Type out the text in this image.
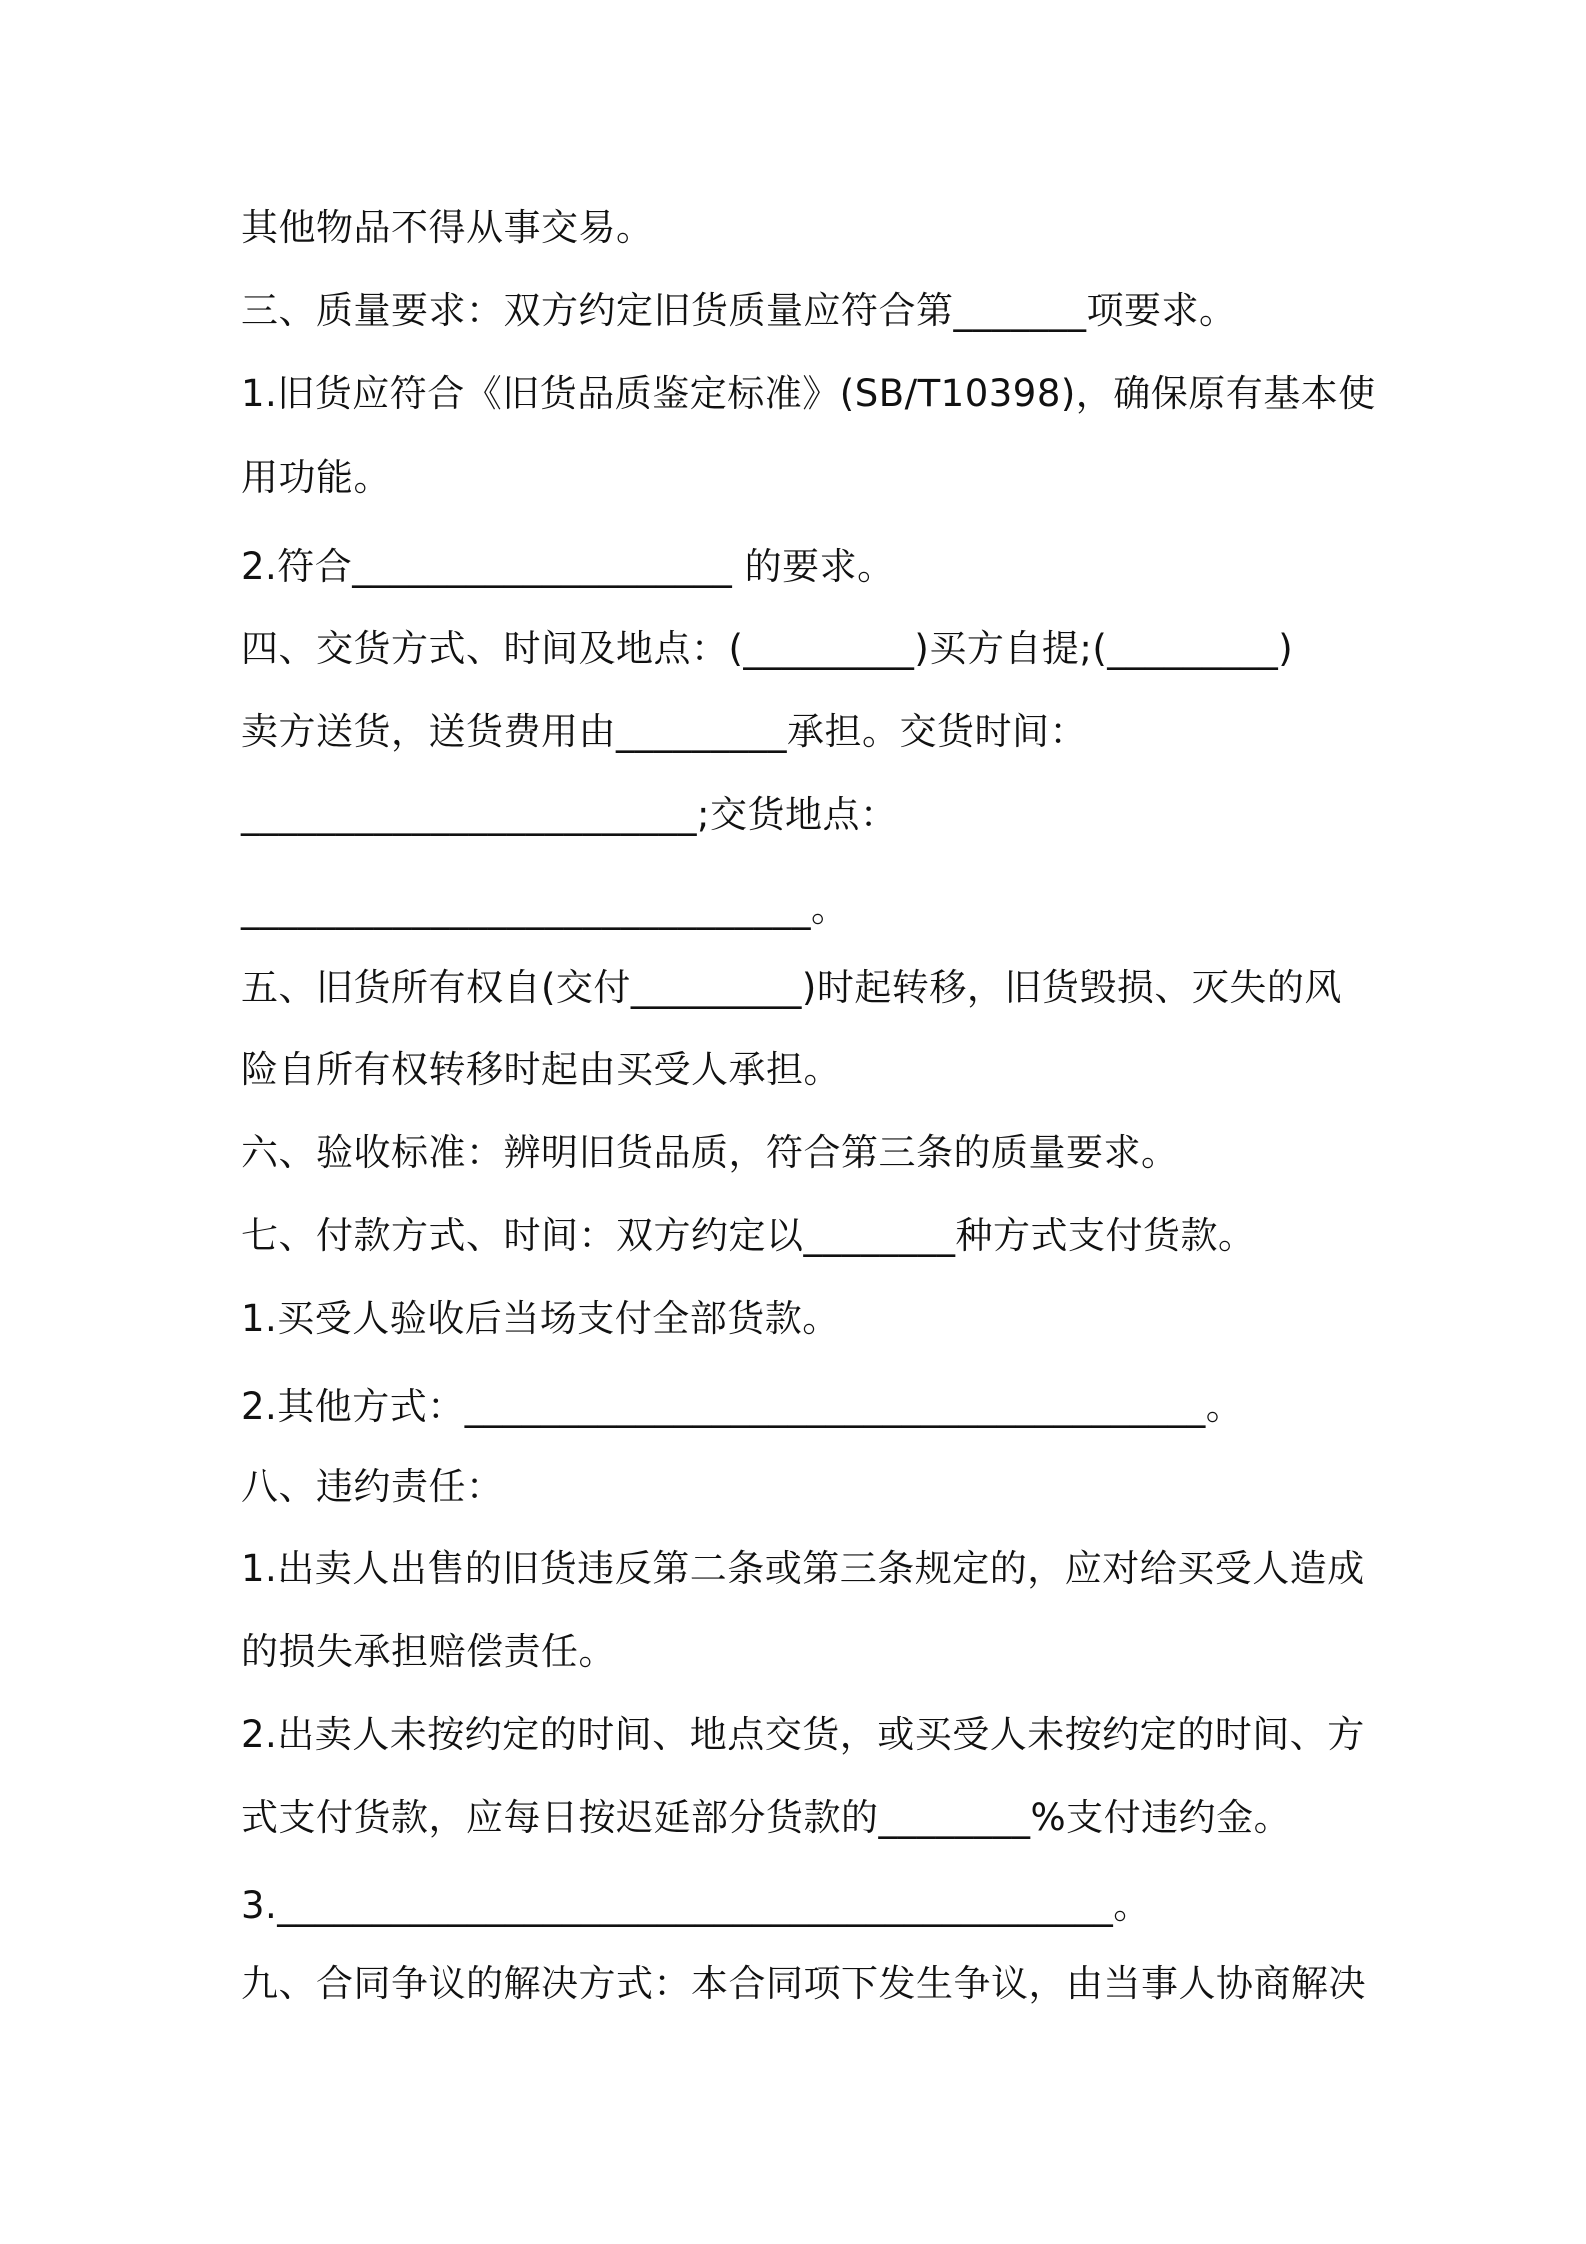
其他物品不得从事交易。
三、质量要求：双方约定旧货质量应符合第_______项要求。
1.旧货应符合《旧货品质鉴定标准》(SB/T10398)，确保原有基本使
用功能。
2.符合____________________ 的要求。
四、交货方式、时间及地点：(_________)买方自提;(_________)
卖方送货，送货费用由_________承担。交货时间：
________________________;交货地点：
______________________________。
五、旧货所有权自(交付_________)时起转移，旧货毁损、灭失的风
险自所有权转移时起由买受人承担。
六、验收标准：辨明旧货品质，符合第三条的质量要求。
七、付款方式、时间：双方约定以________种方式支付货款。
1.买受人验收后当场支付全部货款。
2.其他方式：_______________________________________。
八、违约责任：
1.出卖人出售的旧货违反第二条或第三条规定的，应对给买受人造成
的损失承担赔偿责任。
2.出卖人未按约定的时间、地点交货，或买受人未按约定的时间、方
式支付货款，应每日按迟延部分货款的________%支付违约金。
3.____________________________________________。
九、合同争议的解决方式：本合同项下发生争议，由当事人协商解决
